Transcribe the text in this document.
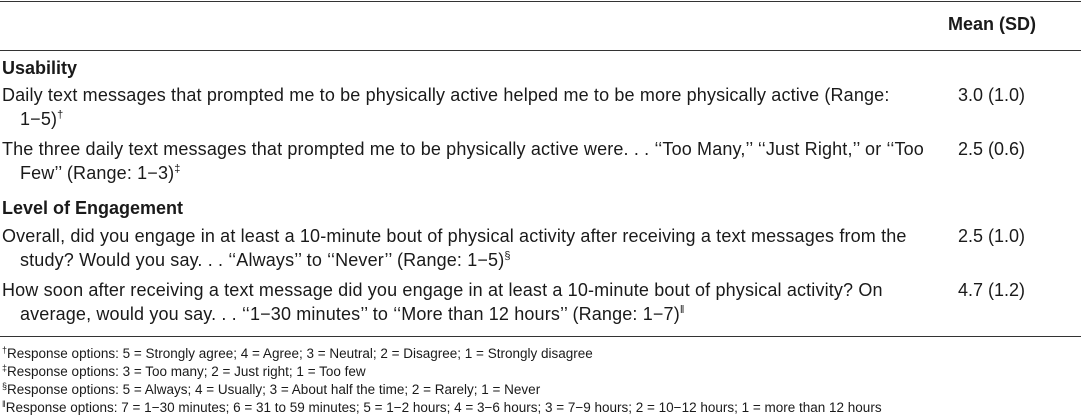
Mean (SD)
Usability
Daily text messages that prompted me to be physically active helped me to be more physically active (Range: 1−5)†
3.0 (1.0)
The three daily text messages that prompted me to be physically active were. . . ‘‘Too Many,’’ ‘‘Just Right,’’ or ‘‘Too Few’’ (Range: 1−3)‡
2.5 (0.6)
Level of Engagement
Overall, did you engage in at least a 10-minute bout of physical activity after receiving a text messages from the study? Would you say. . . ‘‘Always’’ to ‘‘Never’’ (Range: 1−5)§
2.5 (1.0)
How soon after receiving a text message did you engage in at least a 10-minute bout of physical activity? On average, would you say. . . ‘‘1−30 minutes’’ to ‘‘More than 12 hours’’ (Range: 1−7)‖
4.7 (1.2)
†Response options: 5 = Strongly agree; 4 = Agree; 3 = Neutral; 2 = Disagree; 1 = Strongly disagree
‡Response options: 3 = Too many; 2 = Just right; 1 = Too few
§Response options: 5 = Always; 4 = Usually; 3 = About half the time; 2 = Rarely; 1 = Never
‖Response options: 7 = 1−30 minutes; 6 = 31 to 59 minutes; 5 = 1−2 hours; 4 = 3−6 hours; 3 = 7−9 hours; 2 = 10−12 hours; 1 = more than 12 hours
